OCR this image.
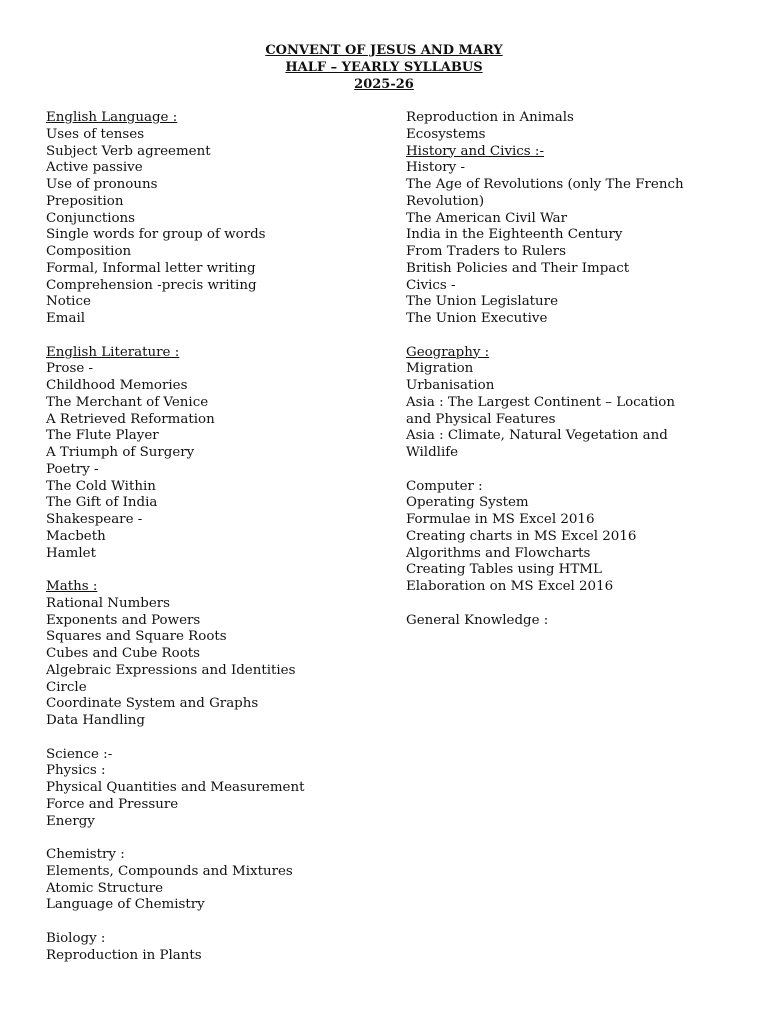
CONVENT OF JESUS AND MARY
HALF – YEARLY SYLLABUS
2025-26
English Language :
Uses of tenses
Subject Verb agreement
Active passive
Use of pronouns
Preposition
Conjunctions
Single words for group of words
Composition
Formal, Informal letter writing
Comprehension -precis writing
Notice
Email
English Literature :
Prose -
Childhood Memories
The Merchant of Venice
A Retrieved Reformation
The Flute Player
A Triumph of Surgery
Poetry -
The Cold Within
The Gift of India
Shakespeare -
Macbeth
Hamlet
Maths :
Rational Numbers
Exponents and Powers
Squares and Square Roots
Cubes and Cube Roots
Algebraic Expressions and Identities
Circle
Coordinate System and Graphs
Data Handling
Science :-
Physics :
Physical Quantities and Measurement
Force and Pressure
Energy
Chemistry :
Elements, Compounds and Mixtures
Atomic Structure
Language of Chemistry
Biology :
Reproduction in Plants
Reproduction in Animals
Ecosystems
History and Civics :-
History -
The Age of Revolutions (only The French
Revolution)
The American Civil War
India in the Eighteenth Century
From Traders to Rulers
British Policies and Their Impact
Civics -
The Union Legislature
The Union Executive
Geography :
Migration
Urbanisation
Asia : The Largest Continent – Location
and Physical Features
Asia : Climate, Natural Vegetation and
Wildlife
Computer :
Operating System
Formulae in MS Excel 2016
Creating charts in MS Excel 2016
Algorithms and Flowcharts
Creating Tables using HTML
Elaboration on MS Excel 2016
General Knowledge :
